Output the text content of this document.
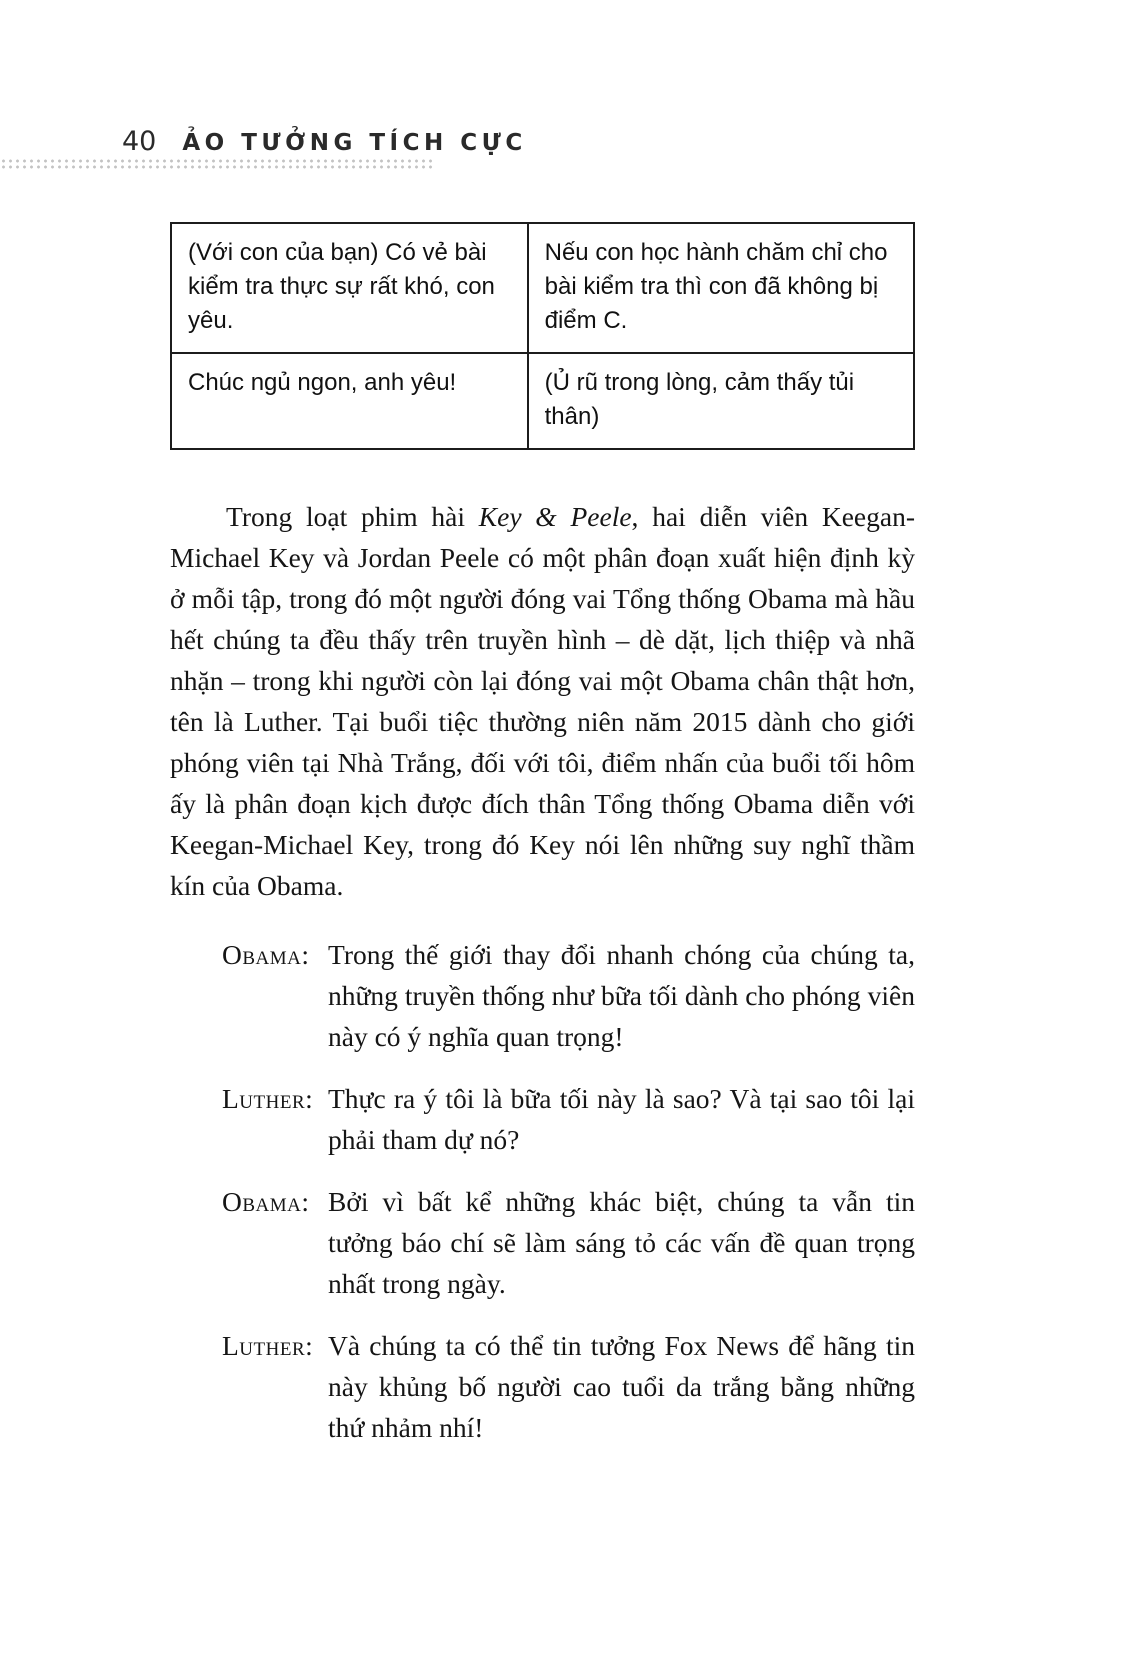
40 ẢO TƯỞNG TÍCH CỰC
(Với con của bạn) Có vẻ bài kiểm tra thực sự rất khó, con yêu.	Nếu con học hành chăm chỉ cho bài kiểm tra thì con đã không bị điểm C.
Chúc ngủ ngon, anh yêu!	(Ủ rũ trong lòng, cảm thấy tủi thân)

Trong loạt phim hài Key & Peele, hai diễn viên Keegan-Michael Key và Jordan Peele có một phân đoạn xuất hiện định kỳ ở mỗi tập, trong đó một người đóng vai Tổng thống Obama mà hầu hết chúng ta đều thấy trên truyền hình – dè dặt, lịch thiệp và nhã nhặn – trong khi người còn lại đóng vai một Obama chân thật hơn, tên là Luther. Tại buổi tiệc thường niên năm 2015 dành cho giới phóng viên tại Nhà Trắng, đối với tôi, điểm nhấn của buổi tối hôm ấy là phân đoạn kịch được đích thân Tổng thống Obama diễn với Keegan-Michael Key, trong đó Key nói lên những suy nghĩ thầm kín của Obama.

Obama: Trong thế giới thay đổi nhanh chóng của chúng ta, những truyền thống như bữa tối dành cho phóng viên này có ý nghĩa quan trọng!
Luther: Thực ra ý tôi là bữa tối này là sao? Và tại sao tôi lại phải tham dự nó?
Obama: Bởi vì bất kể những khác biệt, chúng ta vẫn tin tưởng báo chí sẽ làm sáng tỏ các vấn đề quan trọng nhất trong ngày.
Luther: Và chúng ta có thể tin tưởng Fox News để hãng tin này khủng bố người cao tuổi da trắng bằng những thứ nhảm nhí!
